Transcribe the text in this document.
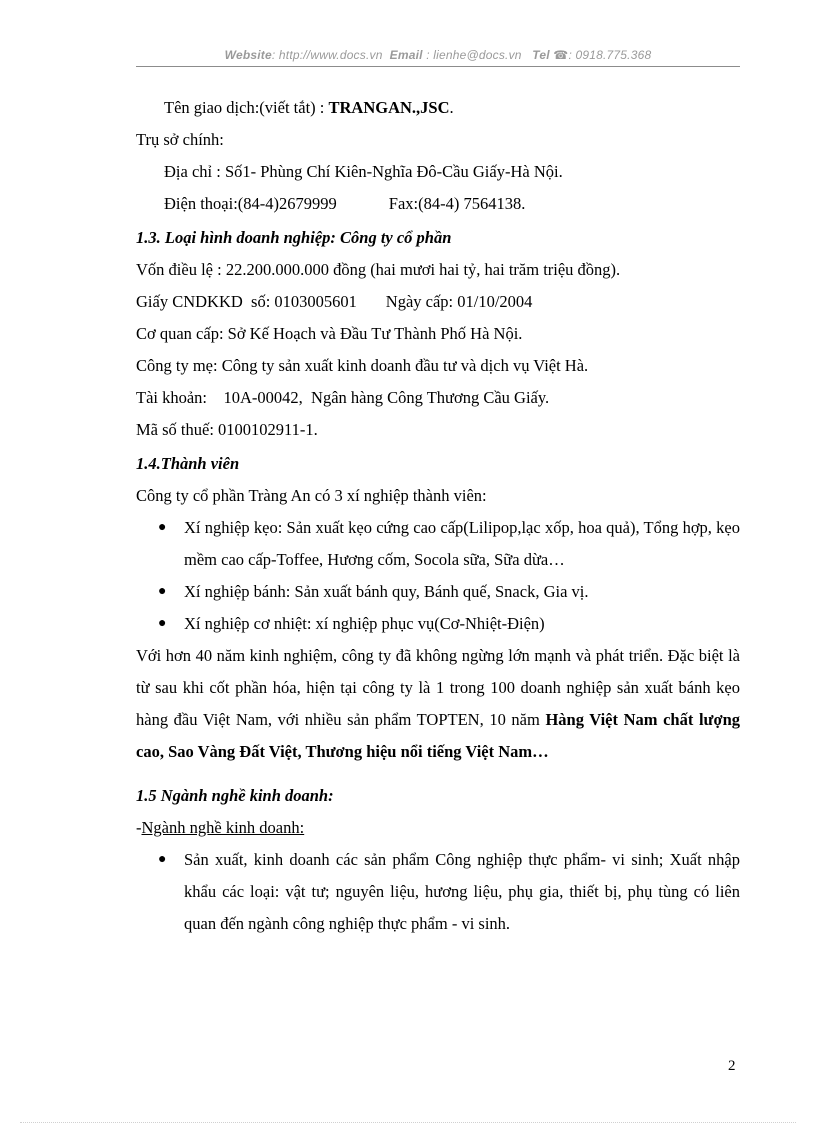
Website: http://www.docs.vn Email : lienhe@docs.vn Tel ☎: 0918.775.368
Tên giao dịch:(viết tắt) : TRANGAN.,JSC.
Trụ sở chính:
Địa chỉ : Số1- Phùng Chí Kiên-Nghĩa Đô-Cầu Giấy-Hà Nội.
Điện thoại:(84-4)2679999	Fax:(84-4) 7564138.
1.3. Loại hình doanh nghiệp: Công ty cổ phần
Vốn điều lệ : 22.200.000.000 đồng (hai mươi hai tỷ, hai trăm triệu đồng).
Giấy CNDKKD  số: 0103005601       Ngày cấp: 01/10/2004
Cơ quan cấp: Sở Kế Hoạch và Đầu Tư Thành Phố Hà Nội.
Công ty mẹ: Công ty sản xuất kinh doanh đầu tư và dịch vụ Việt Hà.
Tài khoản:    10A-00042,  Ngân hàng Công Thương Cầu Giấy.
Mã số thuế: 0100102911-1.
1.4.Thành viên
Công ty cổ phần Tràng An có 3 xí nghiệp thành viên:
● Xí nghiệp kẹo: Sản xuất kẹo cứng cao cấp(Lilipop,lạc xốp, hoa quả), Tổng hợp, kẹo mềm cao cấp-Toffee, Hương cốm, Socola sữa, Sữa dừa…
● Xí nghiệp bánh: Sản xuất bánh quy, Bánh quế, Snack, Gia vị.
● Xí nghiệp cơ nhiệt: xí nghiệp phục vụ(Cơ-Nhiệt-Điện)
Với hơn 40 năm kinh nghiệm, công ty đã không ngừng lớn mạnh và phát triển. Đặc biệt là từ sau khi cốt phần hóa, hiện tại công ty là 1 trong 100 doanh nghiệp sản xuất bánh kẹo hàng đầu Việt Nam, với nhiều sản phẩm TOPTEN, 10 năm Hàng Việt Nam chất lượng cao, Sao Vàng Đất Việt, Thương hiệu nổi tiếng Việt Nam…
1.5 Ngành nghề kinh doanh:
-Ngành nghề kinh doanh:
● Sản xuất, kinh doanh các sản phẩm Công nghiệp thực phẩm- vi sinh; Xuất nhập khẩu các loại: vật tư; nguyên liệu, hương liệu, phụ gia, thiết bị, phụ tùng có liên quan đến ngành công nghiệp thực phẩm - vi sinh.
2
